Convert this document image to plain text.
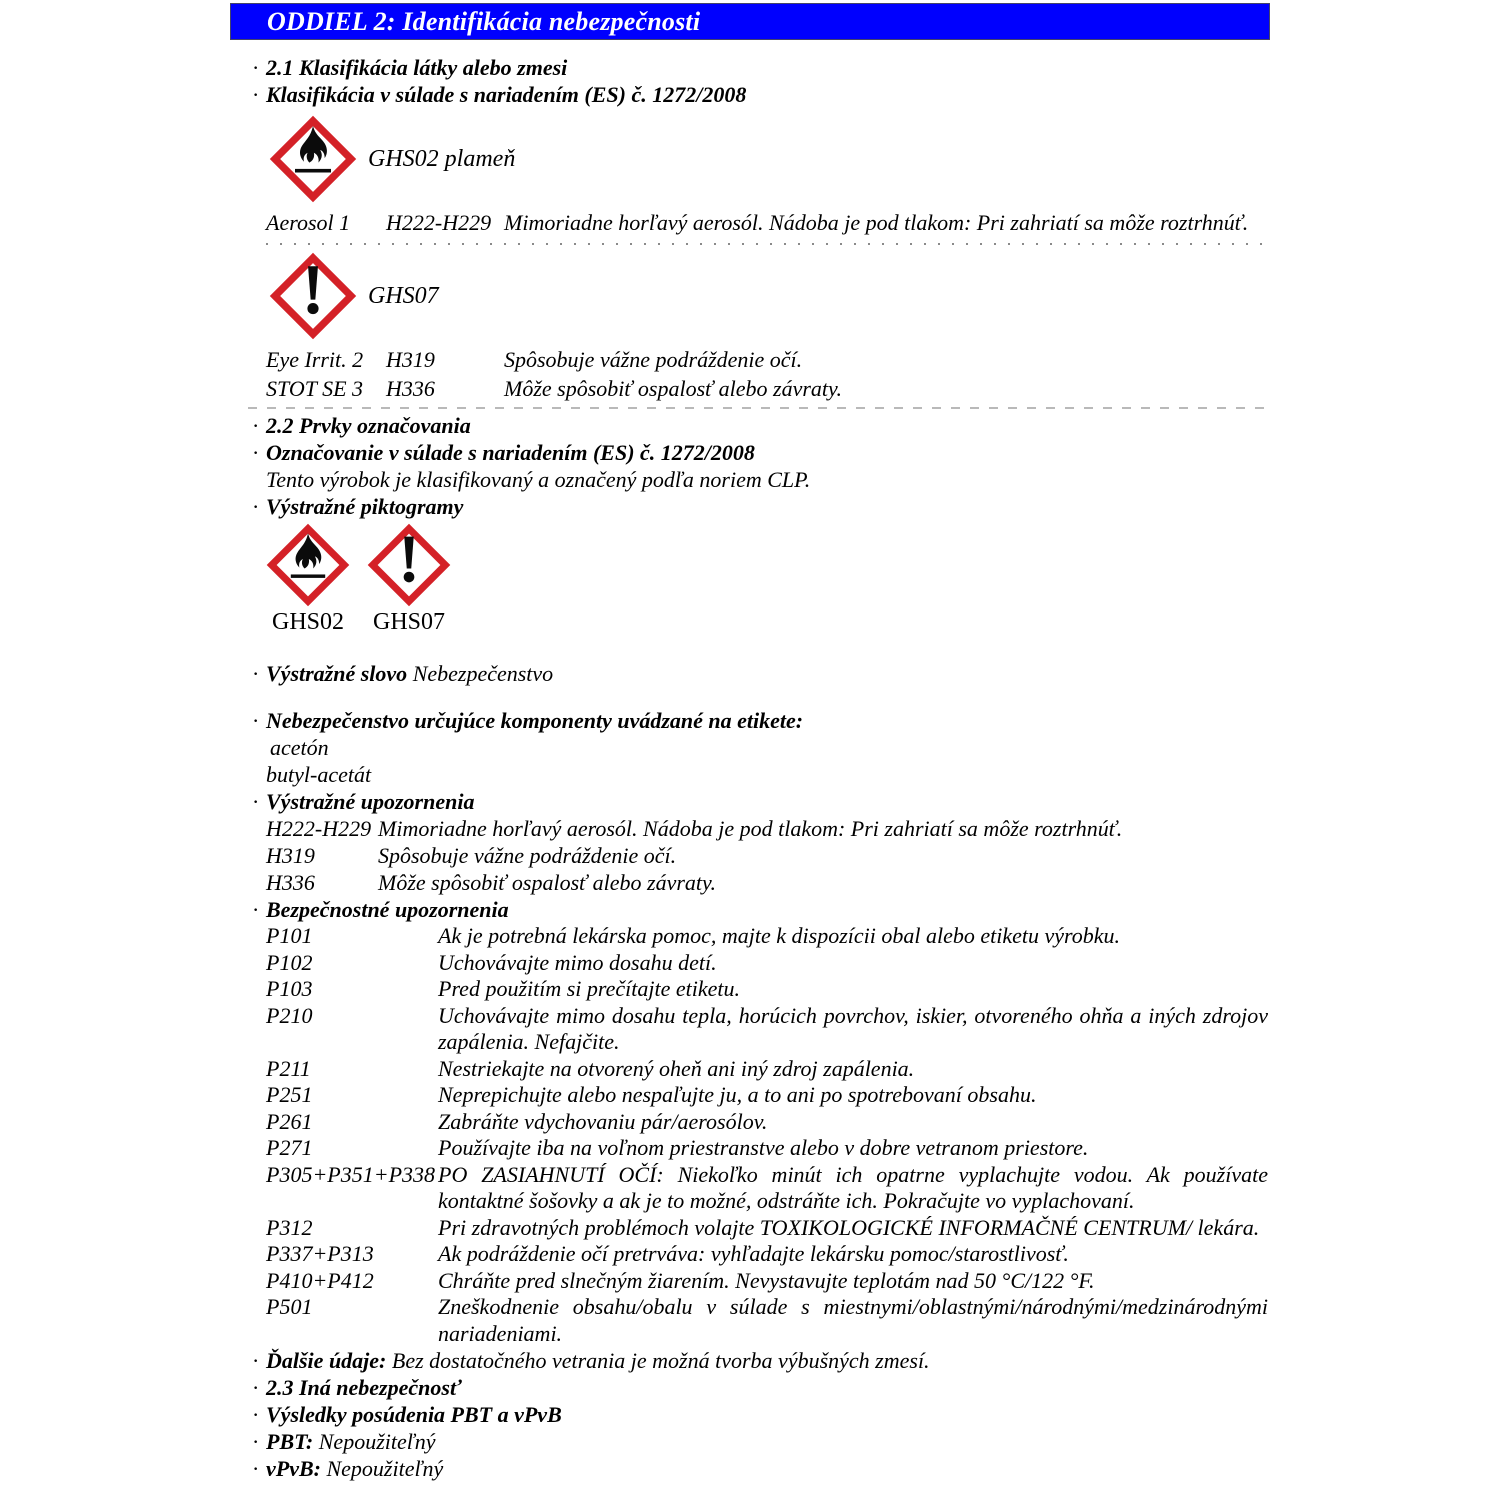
ODDIEL 2: Identifikácia nebezpečnosti
· 2.1 Klasifikácia látky alebo zmesi
· Klasifikácia v súlade s nariadením (ES) č. 1272/2008
GHS02 plameň
Aerosol 1	H222-H229 Mimoriadne horľavý aerosól. Nádoba je pod tlakom: Pri zahriatí sa môže roztrhnúť.
GHS07
Eye Irrit. 2	H319	Spôsobuje vážne podráždenie očí.
STOT SE 3	H336	Môže spôsobiť ospalosť alebo závraty.
· 2.2 Prvky označovania
· Označovanie v súlade s nariadením (ES) č. 1272/2008
Tento výrobok je klasifikovaný a označený podľa noriem CLP.
· Výstražné piktogramy
GHS02 GHS07
· Výstražné slovo Nebezpečenstvo
· Nebezpečenstvo určujúce komponenty uvádzané na etikete:
acetón
butyl-acetát
· Výstražné upozornenia
H222-H229 Mimoriadne horľavý aerosól. Nádoba je pod tlakom: Pri zahriatí sa môže roztrhnúť.
H319	Spôsobuje vážne podráždenie očí.
H336	Môže spôsobiť ospalosť alebo závraty.
· Bezpečnostné upozornenia
P101	Ak je potrebná lekárska pomoc, majte k dispozícii obal alebo etiketu výrobku.
P102	Uchovávajte mimo dosahu detí.
P103	Pred použitím si prečítajte etiketu.
P210	Uchovávajte mimo dosahu tepla, horúcich povrchov, iskier, otvoreného ohňa a iných zdrojov zapálenia. Nefajčite.
P211	Nestriekajte na otvorený oheň ani iný zdroj zapálenia.
P251	Neprepichujte alebo nespaľujte ju, a to ani po spotrebovaní obsahu.
P261	Zabráňte vdychovaniu pár/aerosólov.
P271	Používajte iba na voľnom priestranstve alebo v dobre vetranom priestore.
P305+P351+P338 PO ZASIAHNUTÍ OČÍ: Niekoľko minút ich opatrne vyplachujte vodou. Ak používate kontaktné šošovky a ak je to možné, odstráňte ich. Pokračujte vo vyplachovaní.
P312	Pri zdravotných problémoch volajte TOXIKOLOGICKÉ INFORMAČNÉ CENTRUM/ lekára.
P337+P313	Ak podráždenie očí pretrváva: vyhľadajte lekársku pomoc/starostlivosť.
P410+P412	Chráňte pred slnečným žiarením. Nevystavujte teplotám nad 50 °C/122 °F.
P501	Zneškodnenie obsahu/obalu v súlade s miestnymi/oblastnými/národnými/medzinárodnými nariadeniami.
· Ďalšie údaje: Bez dostatočného vetrania je možná tvorba výbušných zmesí.
· 2.3 Iná nebezpečnosť
· Výsledky posúdenia PBT a vPvB
· PBT: Nepoužiteľný
· vPvB: Nepoužiteľný
